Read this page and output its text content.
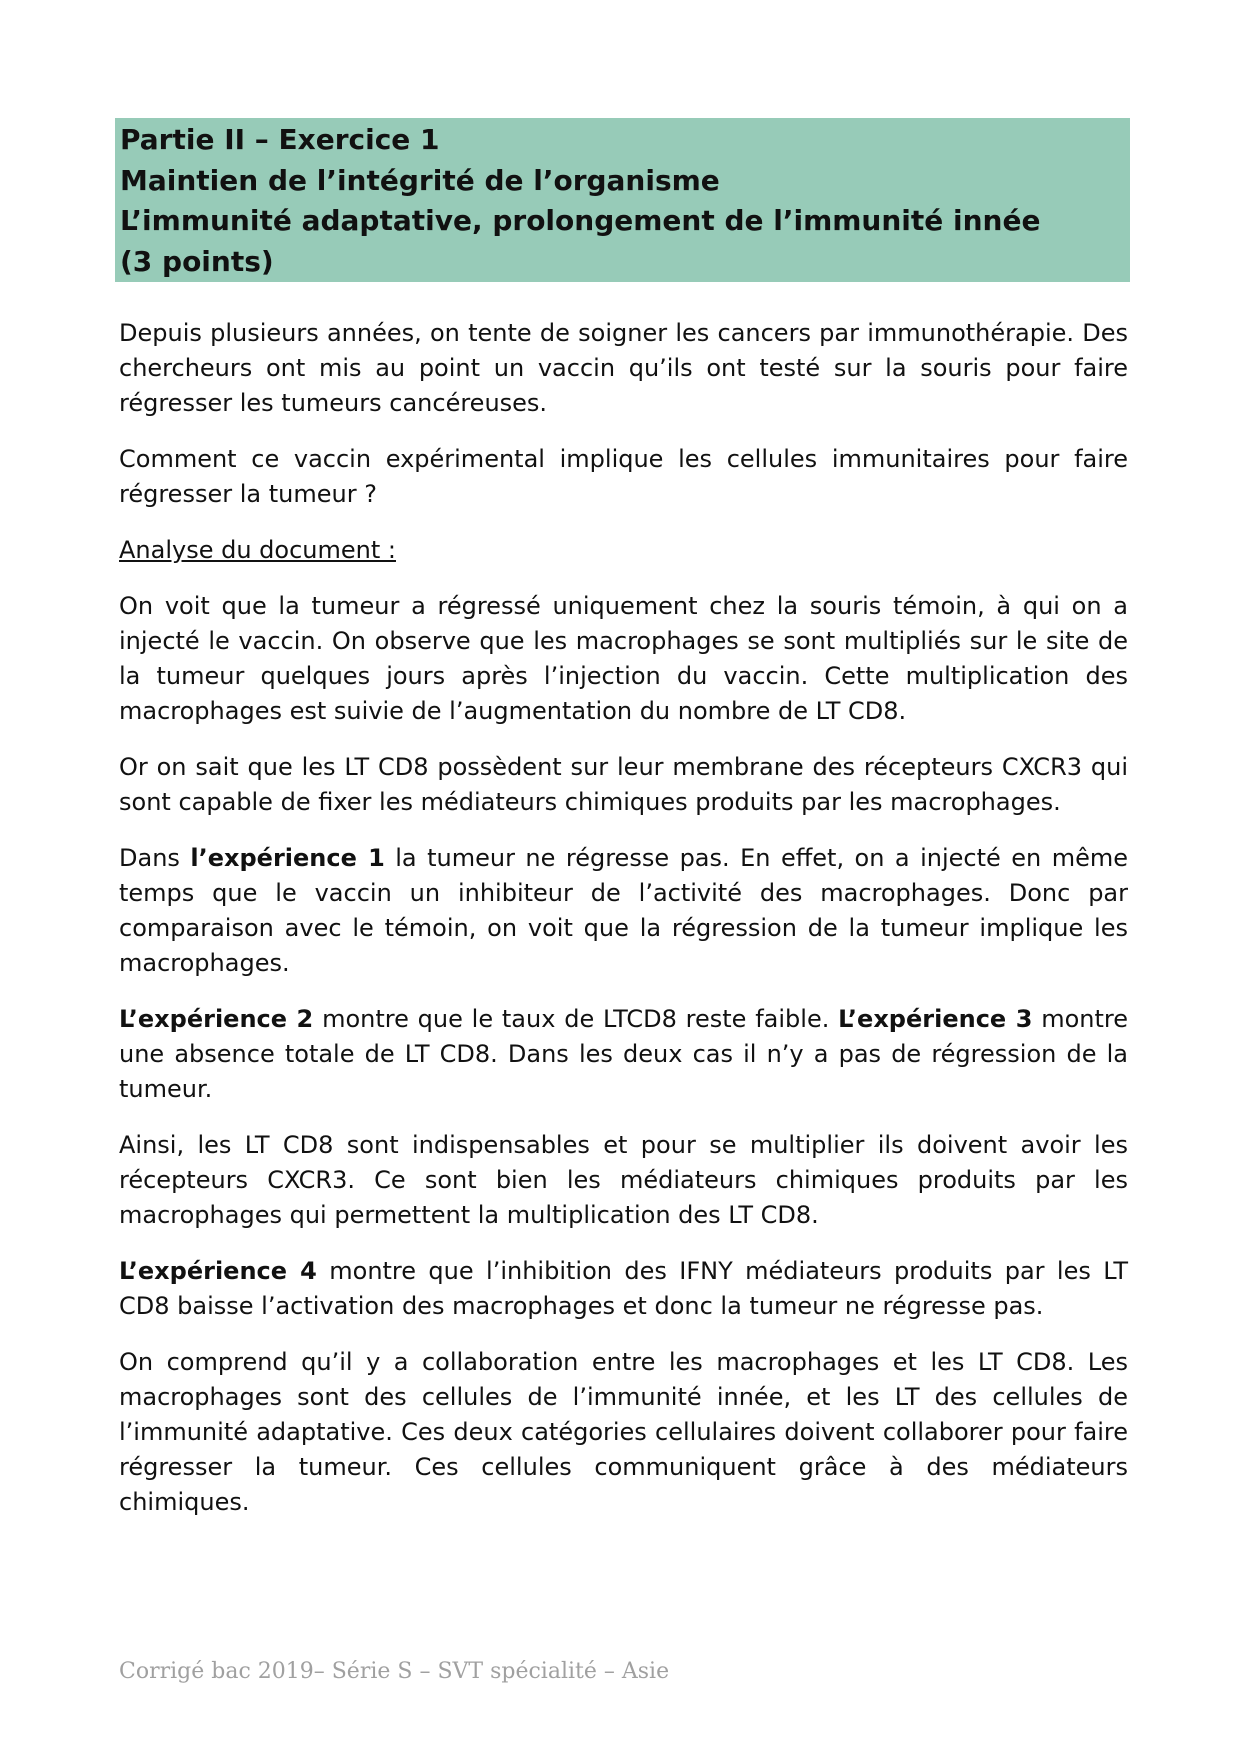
Partie II – Exercice 1
Maintien de l’intégrité de l’organisme
L’immunité adaptative, prolongement de l’immunité innée
(3 points)

Depuis plusieurs années, on tente de soigner les cancers par immunothérapie. Des chercheurs ont mis au point un vaccin qu’ils ont testé sur la souris pour faire régresser les tumeurs cancéreuses.

Comment ce vaccin expérimental implique les cellules immunitaires pour faire régresser la tumeur ?

Analyse du document :

On voit que la tumeur a régressé uniquement chez la souris témoin, à qui on a injecté le vaccin. On observe que les macrophages se sont multipliés sur le site de la tumeur quelques jours après l’injection du vaccin. Cette multiplication des macrophages est suivie de l’augmentation du nombre de LT CD8.

Or on sait que les LT CD8 possèdent sur leur membrane des récepteurs CXCR3 qui sont capable de fixer les médiateurs chimiques produits par les macrophages.

Dans l’expérience 1 la tumeur ne régresse pas. En effet, on a injecté en même temps que le vaccin un inhibiteur de l’activité des macrophages. Donc par comparaison avec le témoin, on voit que la régression de la tumeur implique les macrophages.

L’expérience 2 montre que le taux de LTCD8 reste faible. L’expérience 3 montre une absence totale de LT CD8. Dans les deux cas il n’y a pas de régression de la tumeur.

Ainsi, les LT CD8 sont indispensables et pour se multiplier ils doivent avoir les récepteurs CXCR3. Ce sont bien les médiateurs chimiques produits par les macrophages qui permettent la multiplication des LT CD8.

L’expérience 4 montre que l’inhibition des IFNY médiateurs produits par les LT CD8 baisse l’activation des macrophages et donc la tumeur ne régresse pas.

On comprend qu’il y a collaboration entre les macrophages et les LT CD8. Les macrophages sont des cellules de l’immunité innée, et les LT des cellules de l’immunité adaptative. Ces deux catégories cellulaires doivent collaborer pour faire régresser la tumeur. Ces cellules communiquent grâce à des médiateurs chimiques.

Corrigé bac 2019– Série S – SVT spécialité – Asie
